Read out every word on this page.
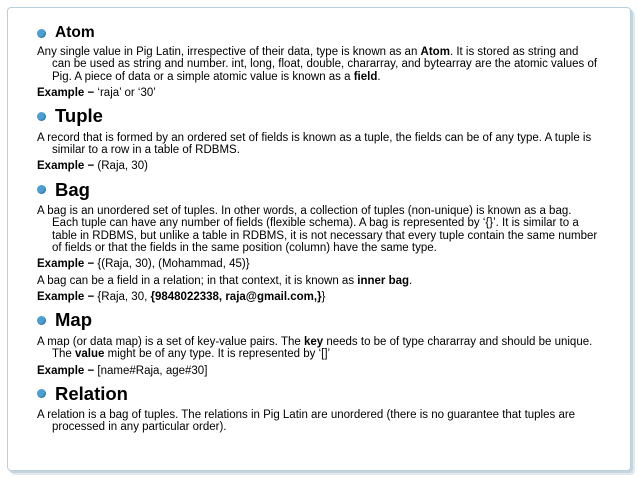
Atom
Any single value in Pig Latin, irrespective of their data, type is known as an Atom. It is stored as string and can be used as string and number. int, long, float, double, chararray, and bytearray are the atomic values of Pig. A piece of data or a simple atomic value is known as a field.
Example − ‘raja’ or ‘30’
Tuple
A record that is formed by an ordered set of fields is known as a tuple, the fields can be of any type. A tuple is similar to a row in a table of RDBMS.
Example − (Raja, 30)
Bag
A bag is an unordered set of tuples. In other words, a collection of tuples (non-unique) is known as a bag. Each tuple can have any number of fields (flexible schema). A bag is represented by ‘{}’. It is similar to a table in RDBMS, but unlike a table in RDBMS, it is not necessary that every tuple contain the same number of fields or that the fields in the same position (column) have the same type.
Example − {(Raja, 30), (Mohammad, 45)}
A bag can be a field in a relation; in that context, it is known as inner bag.
Example − {Raja, 30, {9848022338, raja@gmail.com,}}
Map
A map (or data map) is a set of key-value pairs. The key needs to be of type chararray and should be unique. The value might be of any type. It is represented by ‘[]’
Example − [name#Raja, age#30]
Relation
A relation is a bag of tuples. The relations in Pig Latin are unordered (there is no guarantee that tuples are processed in any particular order).
